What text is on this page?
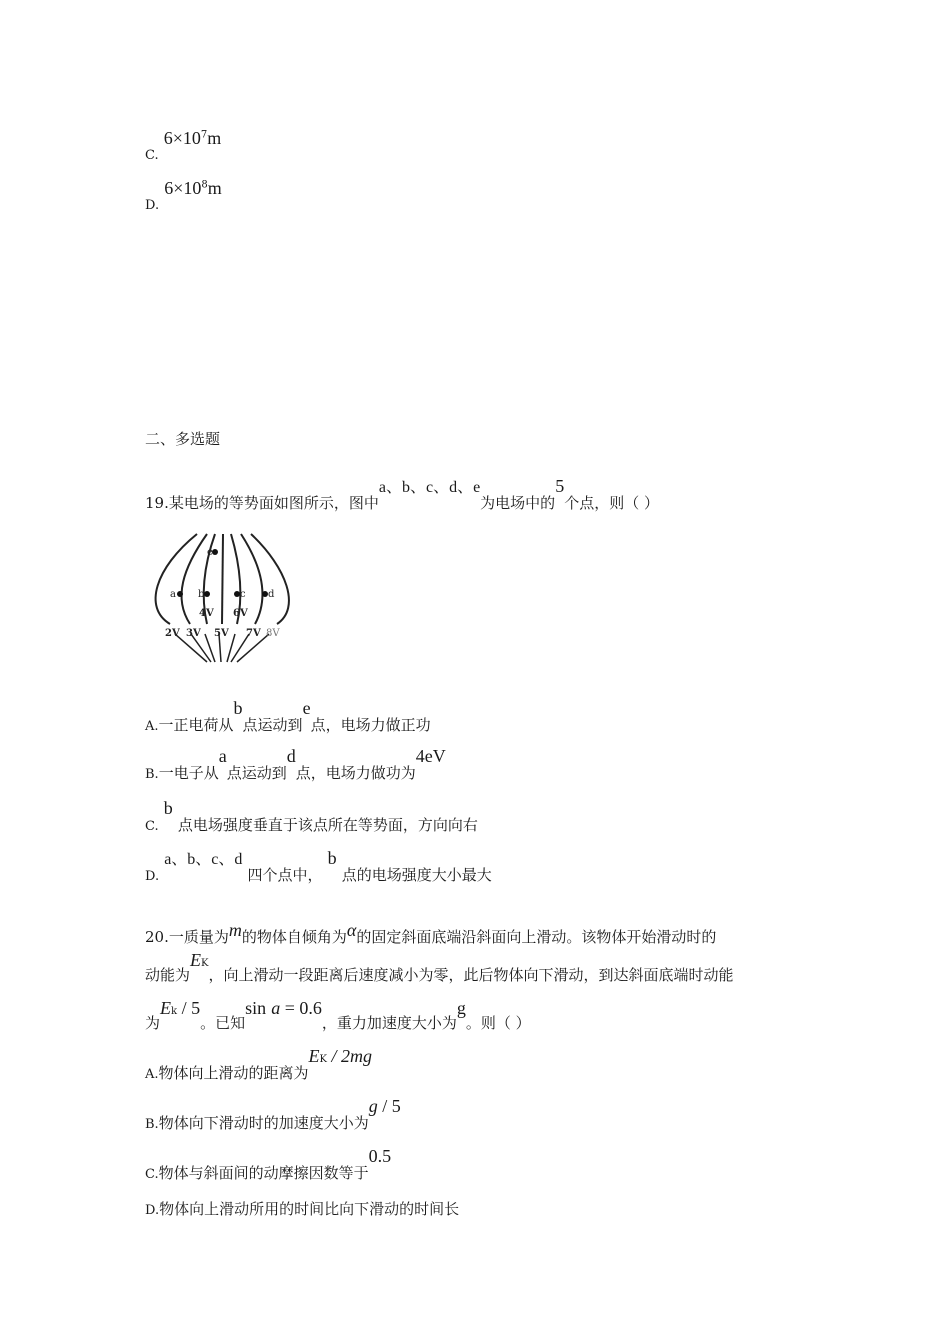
$_{C.}$ $6\times 10^7m$
$_{D.}$ $6\times 10^8m$
二、多选题
19.某电场的等势面如图所示，图中a、b、c、d、e为电场中的5个点，则（ ）
a b	c d
e
4V 6V
2V 3V 5V 7V 8V
$_{A.}$一正电荷从b点运动到e点，电场力做正功
$_{B.}$一电子从a点运动到d点，电场力做功为4eV
$_{C.}$ b 点电场强度垂直于该点所在等势面，方向向右
$_{D.}$ a、b、c、d 四个点中， b 点的电场强度大小最大
20.一质量为m的物体自倾角为α的固定斜面底端沿斜面向上滑动。该物体开始滑动时的
动能为EK，向上滑动一段距离后速度减小为零，此后物体向下滑动，到达斜面底端时动能
为Ek / 5。已知sin a = 0.6，重力加速度大小为g。则（ ）
$_{A.}$物体向上滑动的距离为EK / 2mg
$_{B.}$物体向下滑动时的加速度大小为g / 5
$_{C.}$物体与斜面间的动摩擦因数等于0.5
D.物体向上滑动所用的时间比向下滑动的时间长
